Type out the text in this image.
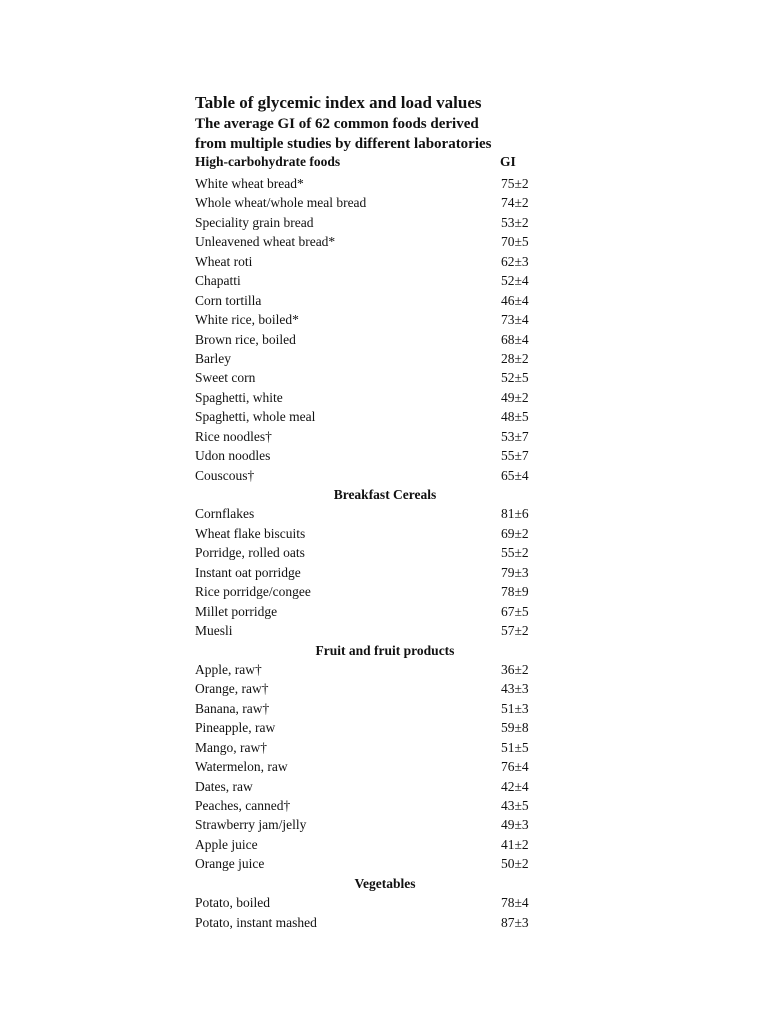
Table of glycemic index and load values
The average GI of 62 common foods derived
from multiple studies by different laboratories
High-carbohydrate foods	GI
White wheat bread*	75±2
Whole wheat/whole meal bread	74±2
Speciality grain bread	53±2
Unleavened wheat bread*	70±5
Wheat roti	62±3
Chapatti	52±4
Corn tortilla	46±4
White rice, boiled*	73±4
Brown rice, boiled	68±4
Barley	28±2
Sweet corn	52±5
Spaghetti, white	49±2
Spaghetti, whole meal	48±5
Rice noodles†	53±7
Udon noodles	55±7
Couscous†	65±4
Breakfast Cereals
Cornflakes	81±6
Wheat flake biscuits	69±2
Porridge, rolled oats	55±2
Instant oat porridge	79±3
Rice porridge/congee	78±9
Millet porridge	67±5
Muesli	57±2
Fruit and fruit products
Apple, raw†	36±2
Orange, raw†	43±3
Banana, raw†	51±3
Pineapple, raw	59±8
Mango, raw†	51±5
Watermelon, raw	76±4
Dates, raw	42±4
Peaches, canned†	43±5
Strawberry jam/jelly	49±3
Apple juice	41±2
Orange juice	50±2
Vegetables
Potato, boiled	78±4
Potato, instant mashed	87±3
